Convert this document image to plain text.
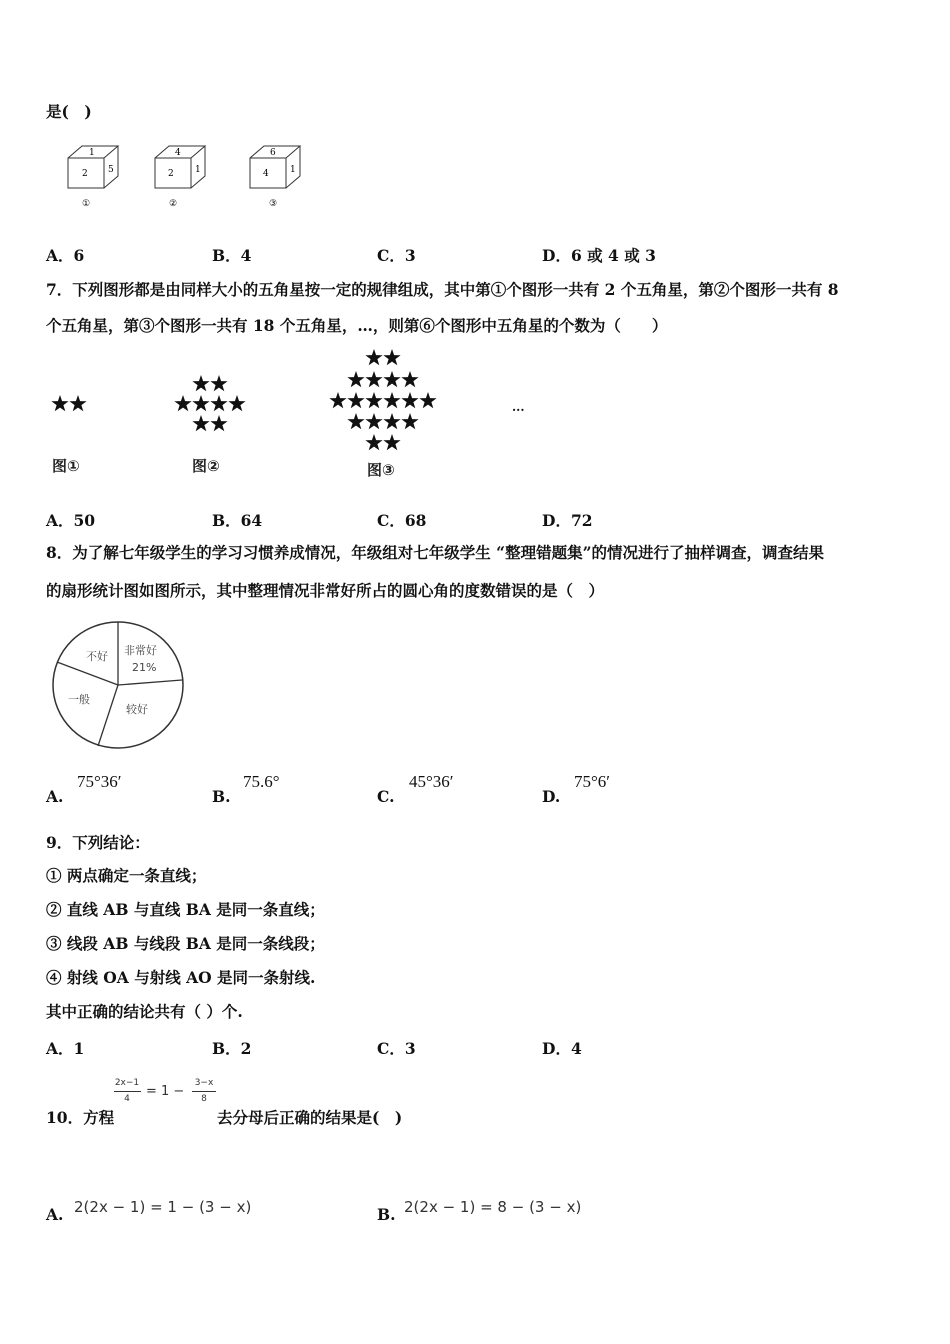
是(　)
1
2 5
①
4
2 1
②
6
4 1
③
A．6	B．4	C．3	D．6 或 4 或 3
7．下列图形都是由同样大小的五角星按一定的规律组成，其中第①个图形一共有 2 个五角星，第②个图形一共有 8
个五角星，第③个图形一共有 18 个五角星，…，则第⑥个图形中五角星的个数为（　　）
图①	图②	图③
···
A．50	B．64	C．68	D．72
8．为了解七年级学生的学习习惯养成情况，年级组对七年级学生 “整理错题集”的情况进行了抽样调查，调查结果
的扇形统计图如图所示，其中整理情况非常好所占的圆心角的度数错误的是（　）
非常好
21%
不好
一般
较好
A.
75°36′
B.
75.6°
C.
45°36′
D.
75°6′
9．下列结论：
① 两点确定一条直线；
② 直线 AB 与直线 BA 是同一条直线；
③ 线段 AB 与线段 BA 是同一条线段；
④ 射线 OA 与射线 AO 是同一条射线.
其中正确的结论共有（ ）个.
A．1	B．2	C．3	D．4
10．方程
2x−1
4	= 1 −
3−x
8
去分母后正确的结果是(　)
A. 2(2x − 1) = 1 − (3 − x)	B. 2(2x − 1) = 8 − (3 − x)
